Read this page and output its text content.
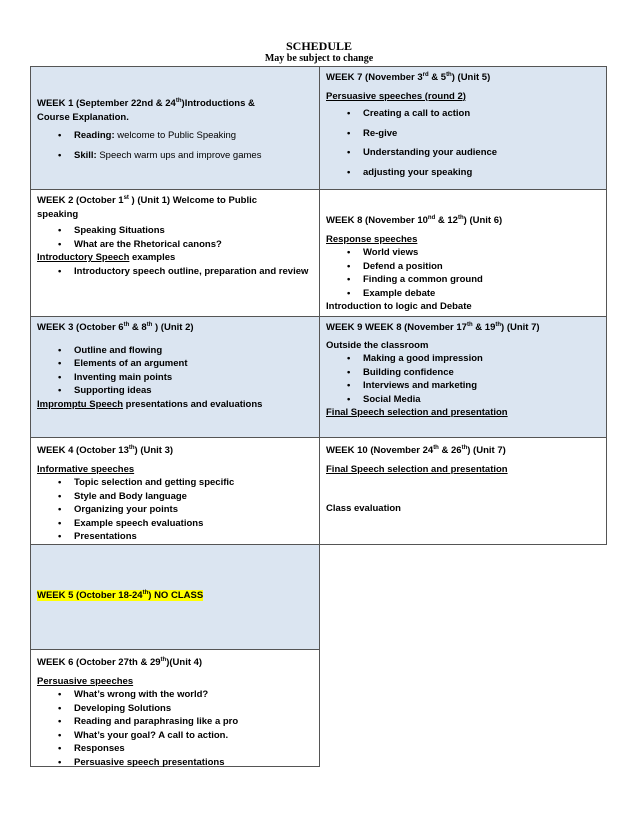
SCHEDULE
May be subject to change
WEEK 1 (September 22nd & 24th)Introductions &
Course Explanation.
• Reading: welcome to Public Speaking
• Skill: Speech warm ups and improve games
WEEK 7 (November 3rd & 5th) (Unit 5)
Persuasive speeches (round 2)
• Creating a call to action
• Re-give
• Understanding your audience
• adjusting your speaking
WEEK 2 (October 1st ) (Unit 1) Welcome to Public
speaking
• Speaking Situations
• What are the Rhetorical canons?
Introductory Speech examples
• Introductory speech outline, preparation and review
WEEK 8 (November 10nd & 12th) (Unit 6)
Response speeches
• World views
• Defend a position
• Finding a common ground
• Example debate
Introduction to logic and Debate
WEEK 3 (October 6th & 8th ) (Unit 2)
• Outline and flowing
• Elements of an argument
• Inventing main points
• Supporting ideas
Impromptu Speech presentations and evaluations
WEEK 9 WEEK 8 (November 17th & 19th) (Unit 7)
Outside the classroom
• Making a good impression
• Building confidence
• Interviews and marketing
• Social Media
Final Speech selection and presentation
WEEK 4 (October 13th) (Unit 3)
Informative speeches
• Topic selection and getting specific
• Style and Body language
• Organizing your points
• Example speech evaluations
• Presentations
WEEK 10 (November 24th & 26th) (Unit 7)
Final Speech selection and presentation
Class evaluation
WEEK 5 (October 18-24th) NO CLASS
WEEK 6 (October 27th & 29th)(Unit 4)
Persuasive speeches
• What’s wrong with the world?
• Developing Solutions
• Reading and paraphrasing like a pro
• What’s your goal? A call to action.
• Responses
• Persuasive speech presentations
